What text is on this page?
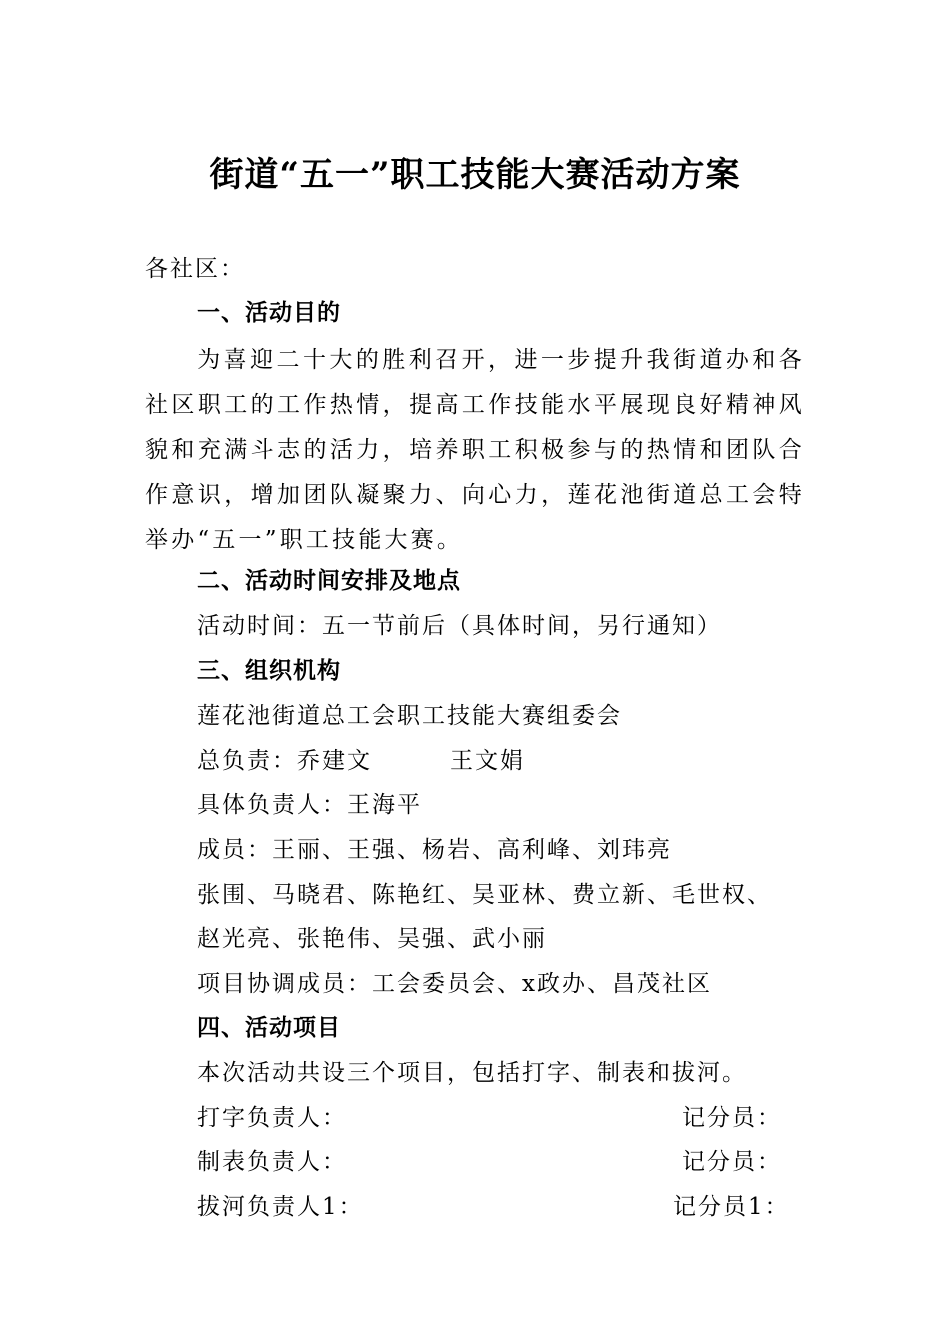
街道“五一”职工技能大赛活动方案
各社区：
一、活动目的
为喜迎二十大的胜利召开，进一步提升我街道办和各社区职工的工作热情，提高工作技能水平展现良好精神风貌和充满斗志的活力，培养职工积极参与的热情和团队合作意识，增加团队凝聚力、向心力，莲花池街道总工会特举办“五一”职工技能大赛。
二、活动时间安排及地点
活动时间：五一节前后（具体时间，另行通知）
三、组织机构
莲花池街道总工会职工技能大赛组委会
总负责：乔建文	王文娟
具体负责人：王海平
成员：王丽、王强、杨岩、高利峰、刘玮亮
张围、马晓君、陈艳红、吴亚林、费立新、毛世权、
赵光亮、张艳伟、吴强、武小丽
项目协调成员：工会委员会、x政办、昌茂社区
四、活动项目
本次活动共设三个项目，包括打字、制表和拔河。
打字负责人：	记分员：
制表负责人：	记分员：
拔河负责人1：	记分员1：
